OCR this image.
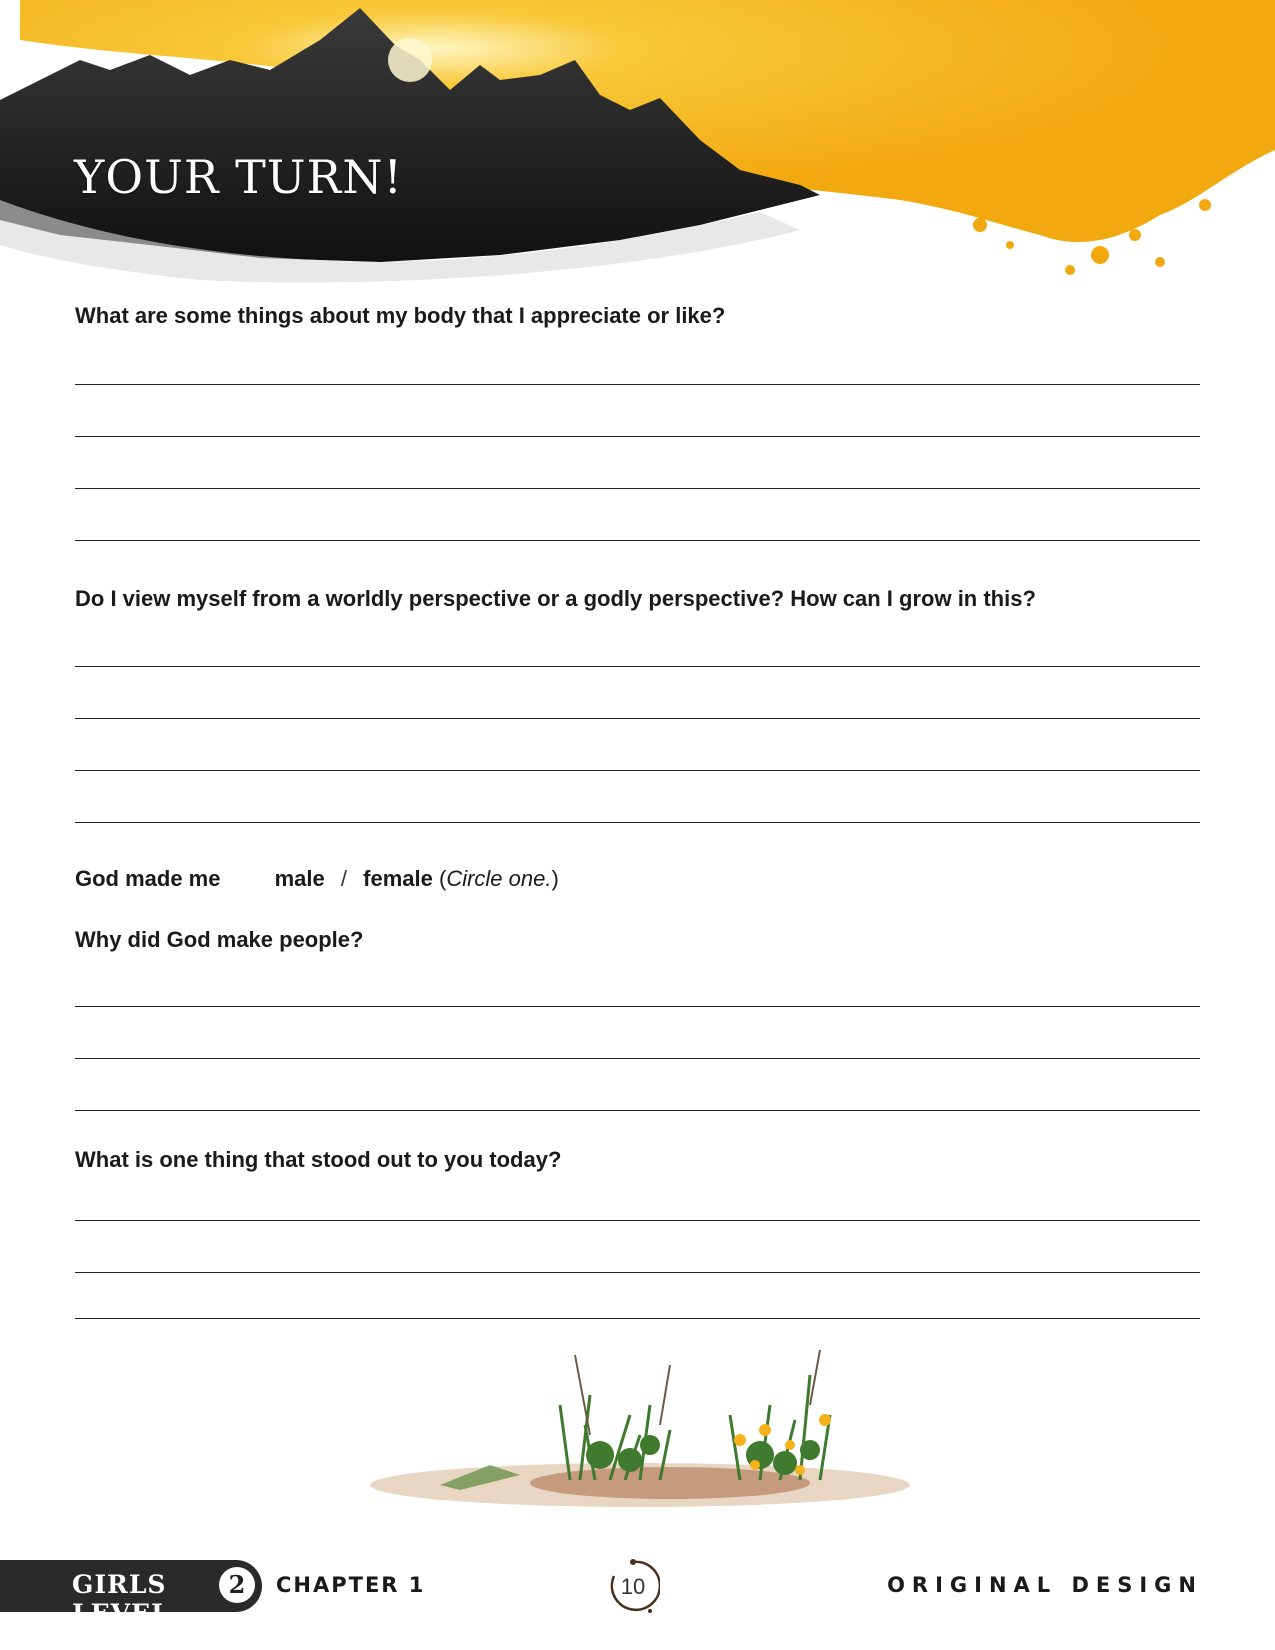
YOUR TURN!
What are some things about my body that I appreciate or like?
Do I view myself from a worldly perspective or a godly perspective? How can I grow in this?
God made me male / female (Circle one.)
Why did God make people?
What is one thing that stood out to you today?
GIRLS LEVEL
2	CHAPTER 1	10	ORIGINAL DESIGN
